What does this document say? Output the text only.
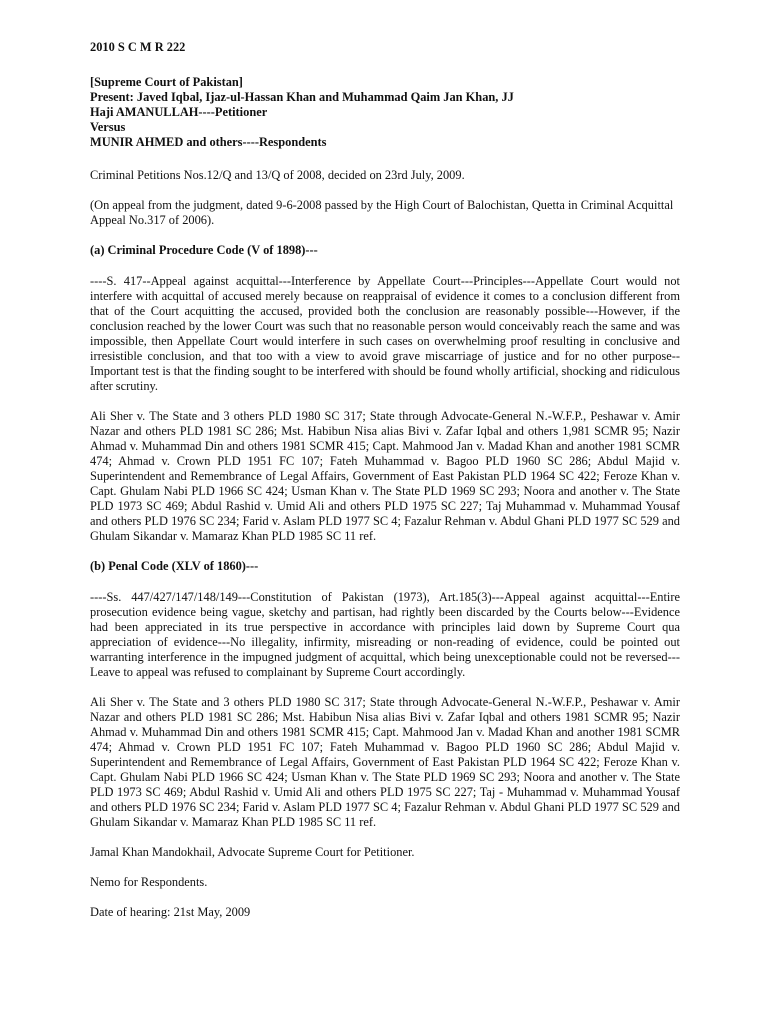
2010 S C M R 222
[Supreme Court of Pakistan]
Present: Javed Iqbal, Ijaz-ul-Hassan Khan and Muhammad Qaim Jan Khan, JJ
Haji AMANULLAH----Petitioner
Versus
MUNIR AHMED and others----Respondents

Criminal Petitions Nos.12/Q and 13/Q of 2008, decided on 23rd July, 2009.

(On appeal from the judgment, dated 9-6-2008 passed by the High Court of Balochistan, Quetta in Criminal Acquittal Appeal No.317 of 2006).

(a) Criminal Procedure Code (V of 1898)---

----S. 417--Appeal against acquittal---Interference by Appellate Court---Principles---Appellate Court would not interfere with acquittal of accused merely because on reappraisal of evidence it comes to a conclusion different from that of the Court acquitting the accused, provided both the conclusion are reasonably possible---However, if the conclusion reached by the lower Court was such that no reasonable person would conceivably reach the same and was impossible, then Appellate Court would interfere in such cases on overwhelming proof resulting in conclusive and irresistible conclusion, and that too with a view to avoid grave miscarriage of justice and for no other purpose--Important test is that the finding sought to be interfered with should be found wholly artificial, shocking and ridiculous after scrutiny.

Ali Sher v. The State and 3 others PLD 1980 SC 317; State through Advocate-General N.-W.F.P., Peshawar v. Amir Nazar and others PLD 1981 SC 286; Mst. Habibun Nisa alias Bivi v. Zafar Iqbal and others 1,981 SCMR 95; Nazir Ahmad v. Muhammad Din and others 1981 SCMR 415; Capt. Mahmood Jan v. Madad Khan and another 1981 SCMR 474; Ahmad v. Crown PLD 1951 FC 107; Fateh Muhammad v. Bagoo PLD 1960 SC 286; Abdul Majid v. Superintendent and Remembrance of Legal Affairs, Government of East Pakistan PLD 1964 SC 422; Feroze Khan v. Capt. Ghulam Nabi PLD 1966 SC 424; Usman Khan v. The State PLD 1969 SC 293; Noora and another v. The State PLD 1973 SC 469; Abdul Rashid v. Umid Ali and others PLD 1975 SC 227; Taj Muhammad v. Muhammad Yousaf and others PLD 1976 SC 234; Farid v. Aslam PLD 1977 SC 4; Fazalur Rehman v. Abdul Ghani PLD 1977 SC 529 and Ghulam Sikandar v. Mamaraz Khan PLD 1985 SC 11 ref.

(b) Penal Code (XLV of 1860)---

----Ss. 447/427/147/148/149---Constitution of Pakistan (1973), Art.185(3)---Appeal against acquittal---Entire prosecution evidence being vague, sketchy and partisan, had rightly been discarded by the Courts below---Evidence had been appreciated in its true perspective in accordance with principles laid down by Supreme Court qua appreciation of evidence---No illegality, infirmity, misreading or non-reading of evidence, could be pointed out warranting interference in the impugned judgment of acquittal, which being unexceptionable could not be reversed---Leave to appeal was refused to complainant by Supreme Court accordingly.

Ali Sher v. The State and 3 others PLD 1980 SC 317; State through Advocate-General N.-W.F.P., Peshawar v. Amir Nazar and others PLD 1981 SC 286; Mst. Habibun Nisa alias Bivi v. Zafar Iqbal and others 1981 SCMR 95; Nazir Ahmad v. Muhammad Din and others 1981 SCMR 415; Capt. Mahmood Jan v. Madad Khan and another 1981 SCMR 474; Ahmad v. Crown PLD 1951 FC 107; Fateh Muhammad v. Bagoo PLD 1960 SC 286; Abdul Majid v. Superintendent and Remembrance of Legal Affairs, Government of East Pakistan PLD 1964 SC 422; Feroze Khan v. Capt. Ghulam Nabi PLD 1966 SC 424; Usman Khan v. The State PLD 1969 SC 293; Noora and another v. The State PLD 1973 SC 469; Abdul Rashid v. Umid Ali and others PLD 1975 SC 227; Taj - Muhammad v. Muhammad Yousaf and others PLD 1976 SC 234; Farid v. Aslam PLD 1977 SC 4; Fazalur Rehman v. Abdul Ghani PLD 1977 SC 529 and Ghulam Sikandar v. Mamaraz Khan PLD 1985 SC 11 ref.

Jamal Khan Mandokhail, Advocate Supreme Court for Petitioner.

Nemo for Respondents.

Date of hearing: 21st May, 2009
